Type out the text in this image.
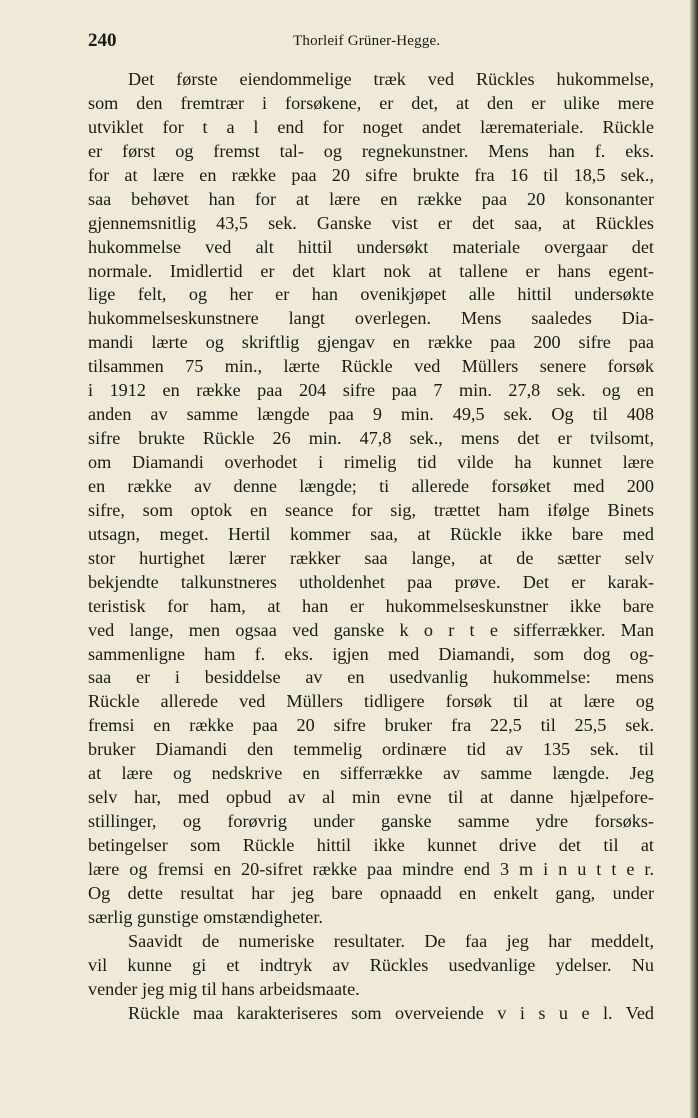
240	Thorleif Grüner-Hegge.
Det første eiendommelige træk ved Rückles hukommelse,
som den fremtrær i forsøkene, er det, at den er ulike mere
utviklet for t a l end for noget andet lærematerialе. Rückle
er først og fremst tal- og regnekunstner. Mens han f. eks.
for at lære en række paa 20 sifre brukte fra 16 til 18,5 sek.,
saa behøvet han for at lære en række paa 20 konsonanter
gjennemsnitlig 43,5 sek. Ganske vist er det saa, at Rückles
hukommelse ved alt hittil undersøkt materiale overgaar det
normale. Imidlertid er det klart nok at tallene er hans egent-
lige felt, og her er han ovenikjøpet alle hittil undersøkte
hukommelseskunstnere langt overlegen. Mens saaledes Dia-
mandi lærte og skriftlig gjengav en række paa 200 sifre paa
tilsammen 75 min., lærte Rückle ved Müllers senere forsøk
i 1912 en række paa 204 sifre paa 7 min. 27,8 sek. og en
anden av samme længde paa 9 min. 49,5 sek. Og til 408
sifre brukte Rückle 26 min. 47,8 sek., mens det er tvilsomt,
om Diamandi overhodet i rimelig tid vilde ha kunnet lære
en række av denne længde; ti allerede forsøket med 200
sifre, som optok en seance for sig, trættet ham ifølge Binets
utsagn, meget. Hertil kommer saa, at Rückle ikke bare med
stor hurtighet lærer rækker saa lange, at de sætter selv
bekjendte talkunstneres utholdenhet paa prøve. Det er karak-
teristisk for ham, at han er hukommelseskunstner ikke bare
ved lange, men ogsaa ved ganske k o r t e sifferrækker. Man
sammenligne ham f. eks. igjen med Diamandi, som dog og-
saa er i besiddelse av en usedvanlig hukommelse: mens
Rückle allerede ved Müllers tidligere forsøk til at lære og
fremsi en række paa 20 sifre bruker fra 22,5 til 25,5 sek.
bruker Diamandi den temmelig ordinære tid av 135 sek. til
at lære og nedskrive en sifferrække av samme længde. Jeg
selv har, med opbud av al min evne til at danne hjælpefore-
stillinger, og forøvrig under ganske samme ydre forsøks-
betingelser som Rückle hittil ikke kunnet drive det til at
lære og fremsi en 20-sifret række paa mindre end 3 m i n u t t e r.
Og dette resultat har jeg bare opnaadd en enkelt gang, under
særlig gunstige omstændigheter.
Saavidt de numeriske resultater. De faa jeg har meddelt,
vil kunne gi et indtryk av Rückles usedvanlige ydelser. Nu
vender jeg mig til hans arbeidsmaate.
Rückle maa karakteriseres som overveiende v i s u e l. Ved
